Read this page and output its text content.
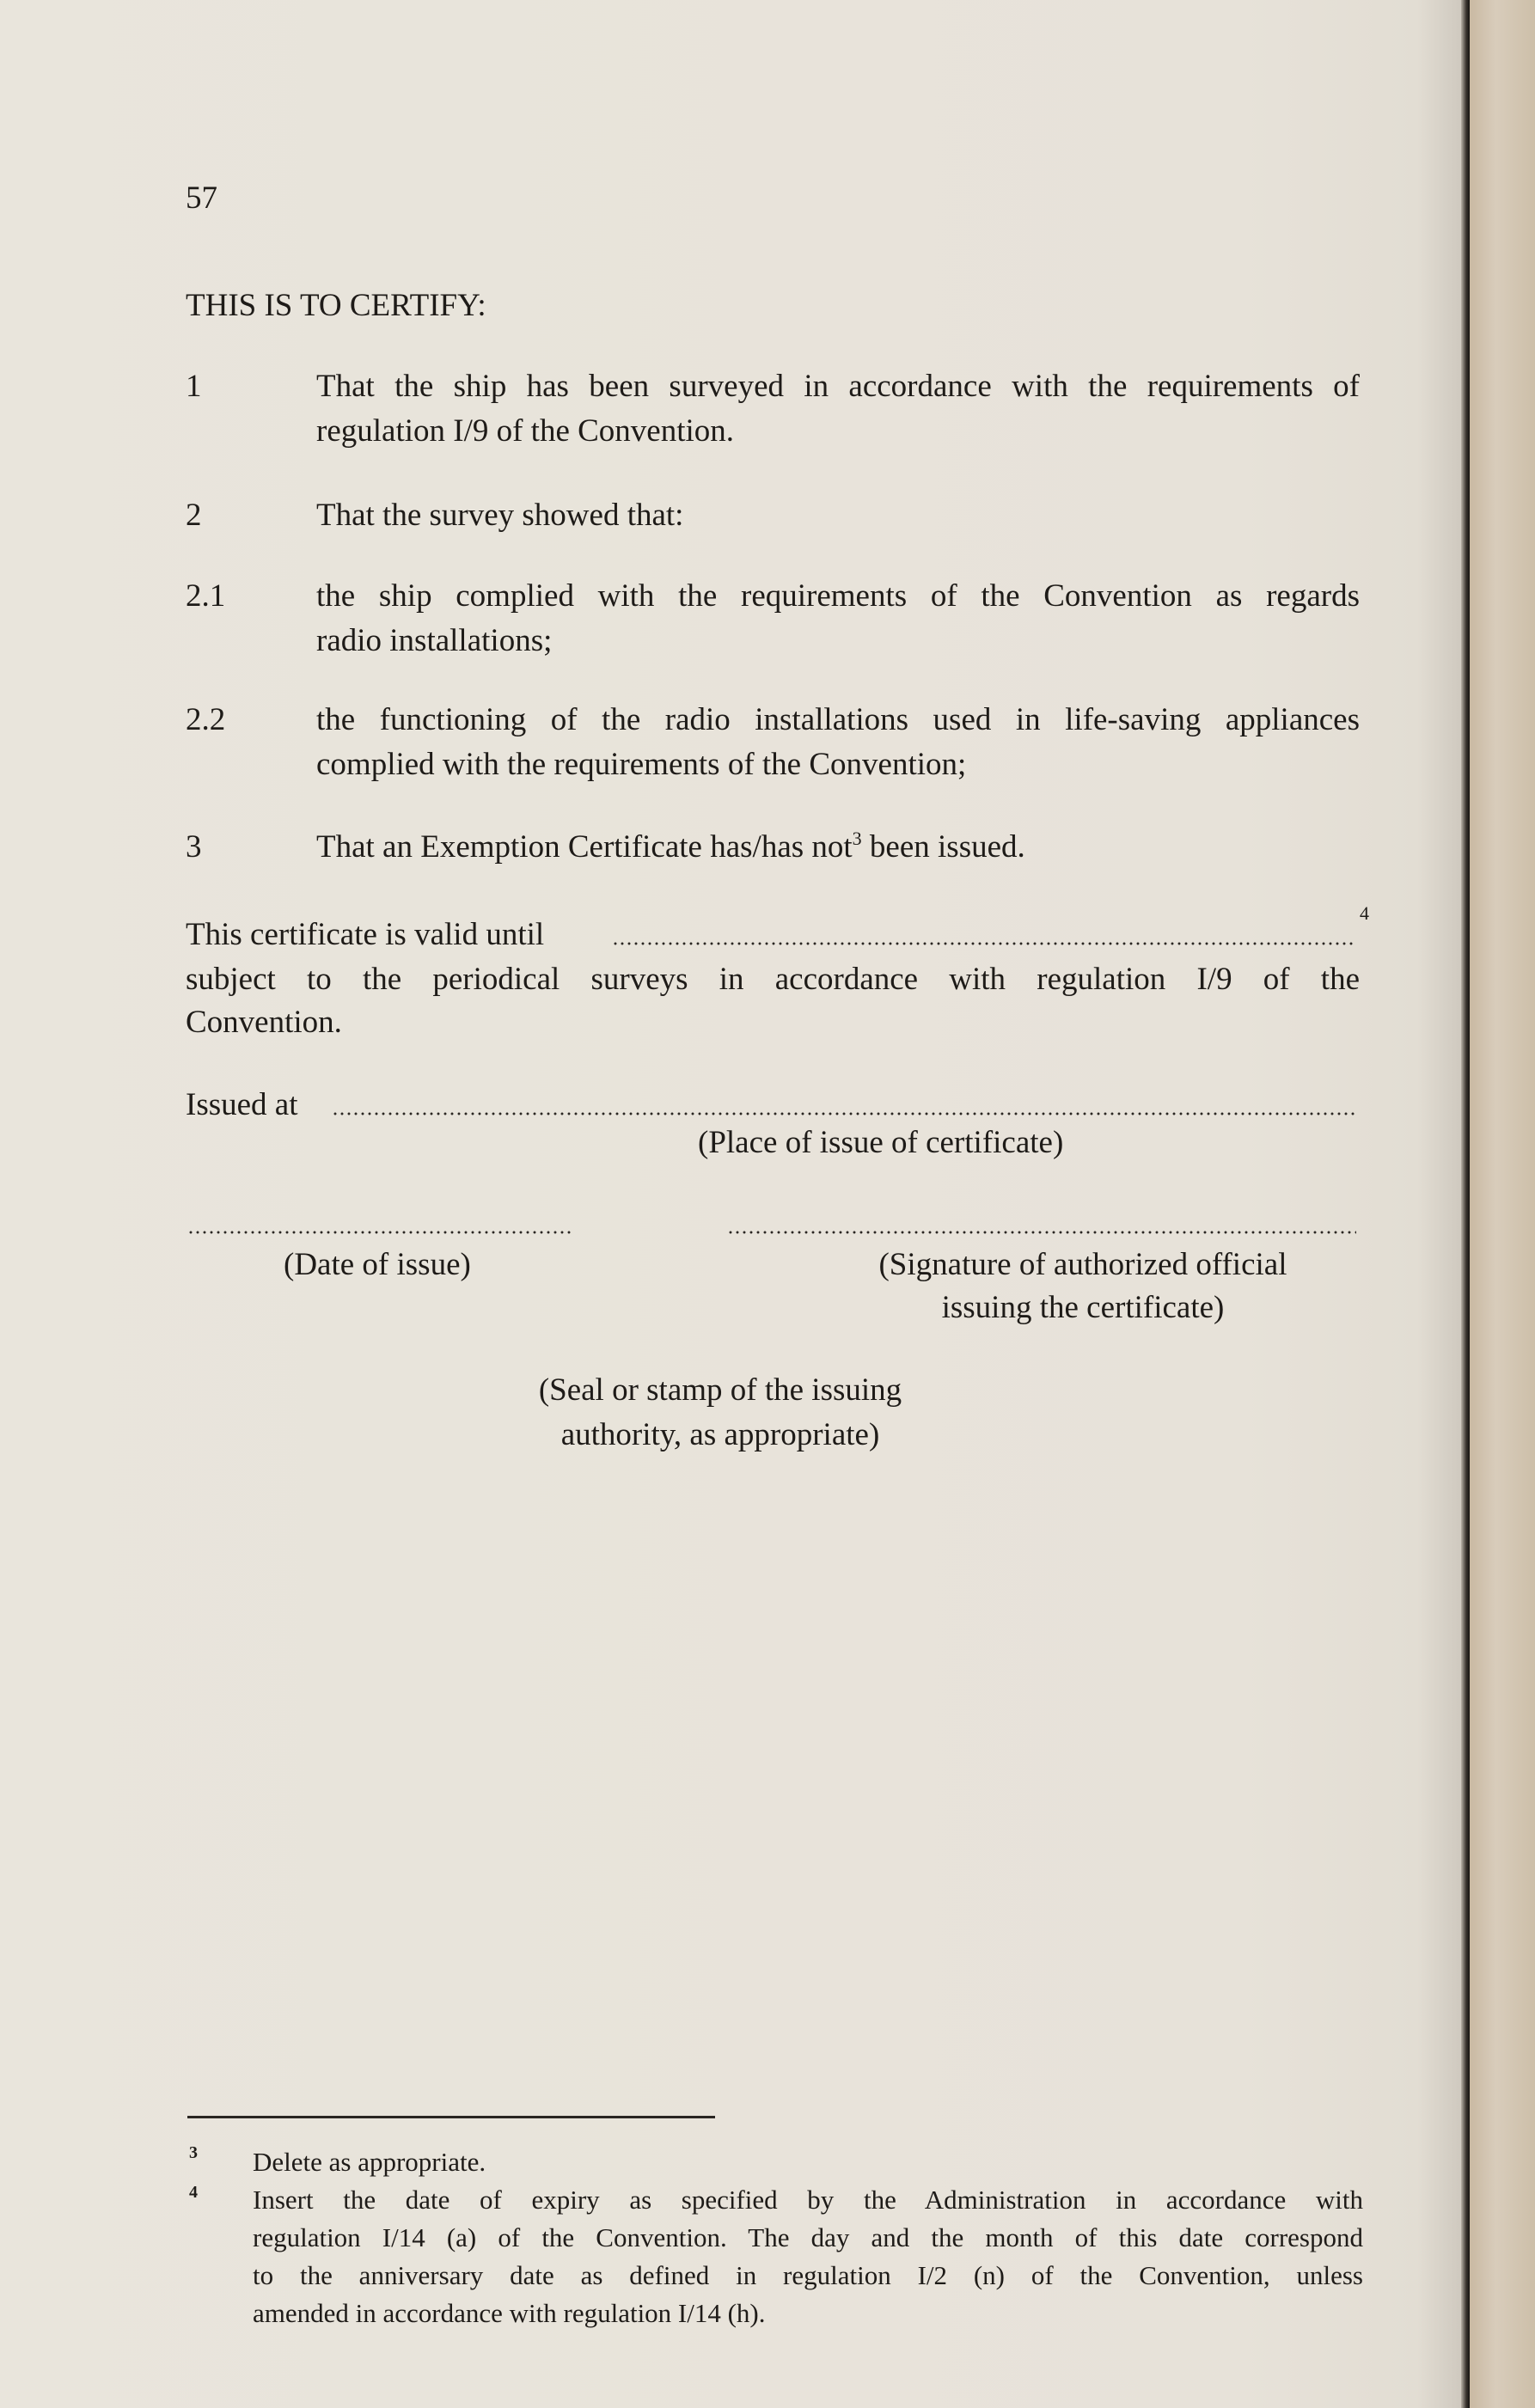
57
THIS IS TO CERTIFY:
1	That the ship has been surveyed in accordance with the requirements of
regulation I/9 of the Convention.
2	That the survey showed that:
2.1	the ship complied with the requirements of the Convention as regards
radio installations;
2.2	the functioning of the radio installations used in life-saving appliances
complied with the requirements of the Convention;
3	That an Exemption Certificate has/has not$^3$ been issued.
This certificate is valid until
4
subject to the periodical surveys in accordance with regulation I/9 of the
Convention.
Issued at
(Place of issue of certificate)
(Date of issue)	(Signature of authorized official
issuing the certificate)
(Seal or stamp of the issuing
authority, as appropriate)
3 Delete as appropriate.
4 Insert the date of expiry as specified by the Administration in accordance with
regulation I/14 (a) of the Convention. The day and the month of this date correspond
to the anniversary date as defined in regulation I/2 (n) of the Convention, unless
amended in accordance with regulation I/14 (h).
